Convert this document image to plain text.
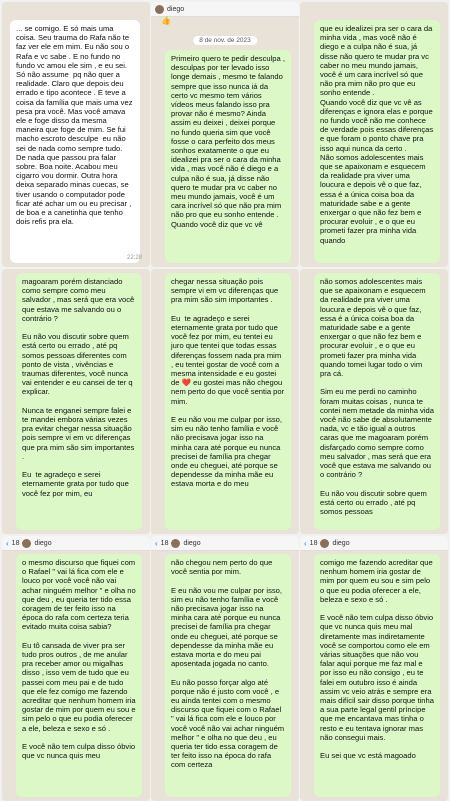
... se comigo. E só mais uma coisa. Seu trauma do Rafa não te faz ver ele em mim. Eu não sou o Rafa e vc sabe . E no fundo no fundo vc amou ele sim , e eu sei. Só não assume  pq não quer a realidade. Claro que depois deu errado e tipo acontece . E teve a coisa da família que mais uma vez pesa pra você. Mas você amava ele e foge disso da mesma maneira que foge de mim. Se fui macho escroto desculpe  eu não sei de nada como sempre tudo. De nada que passou pra falar sobre. Boa noite. Acabou meu cigarro vou dormir. Outra hora deixa separado minas cuecas, se tiver usando o computador pode ficar até achar um ou eu precisar , de boa e a canetinha que tenho dois refis pra ela.
22:28
diego
👍
8 de nov. de 2023
Primeiro quero te pedir desculpa , desculpas por ter levado isso longe demais , mesmo te falando sempre que isso nunca iá da certo vc mesmo tem vários vídeos meus falando isso pra provar não é mesmo? Ainda assim eu deixei , deixei porque no fundo queria sim que você fosse o cara perfeito dos meus sonhos exatamente o que eu idealizei pra ser o cara da minha vida , mas você não é diego e a culpa não é sua, já disse não quero te mudar pra vc caber no meu mundo jamais, você é um cara incrível só que não pra mim não pro que eu sonho entende .
Quando você diz que vc vê
que eu idealizei pra ser o cara da minha vida , mas você não é diego e a culpa não é sua, já disse não quero te mudar pra vc caber no meu mundo jamais, você é um cara incrível só que não pra mim não pro que eu sonho entende .
Quando você diz que vc vê as diferenças e ignora elas e porque no fundo você não me conhece de verdade pois essas diferenças e que foram o ponto chave pra isso aqui nunca da certo .
Não somos adolescentes mais que se apaixonam e esquecem da realidade pra viver uma loucura e depois vê o que faz, essa é a única coisa boa da maturidade sabe e a gente enxergar o que não fez bem e procurar evoluir , e o que eu prometi fazer pra minha vida quando
magoaram porém distanciado como sempre como meu salvador , mas será que era você que estava me salvando ou o contrário ?

Eu não vou discutir sobre quem está certo ou errado , até pq somos pessoas diferentes com ponto de vista , vivências e traumas diferentes, você nunca vai entender e eu cansei de ter q explicar.

Nunca te enganei sempre falei e te mandei embora várias vezes pra evitar chegar nessa situação pois sempre vi em vc diferenças que pra mim são sim importantes .

Eu  te agradeço e serei eternamente grata por tudo que você fez por mim, eu
chegar nessa situação pois sempre vi em vc diferenças que pra mim são sim importantes .

Eu  te agradeço e serei eternamente grata por tudo que você fez por mim, eu tentei eu juro que tentei que todas essas diferenças fossem nada pra mim , eu tentei gostar de você com a mesma intensidade e eu gostei de ❤️ eu gostei mas não chegou nem perto do que você sentia por mim.

E eu não vou me culpar por isso, sim eu não tenho família e você não precisava jogar isso na minha cara até porque eu nunca precisei de família pra chegar onde eu cheguei, até porque se dependesse da minha mãe eu estava morta e do meu
não somos adolescentes mais que se apaixonam e esquecem da realidade pra viver uma loucura e depois vê o que faz, essa é a única coisa boa da maturidade sabe e a gente enxergar o que não fez bem e procurar evoluir , e o que eu prometi fazer pra minha vida quando tomei lugar todo o vim pra cá.

Sim eu me perdi no caminho foram muitas coisas , nunca te contei nem metade da minha vida você não sabe de absolutamente nada, vc e tão igual a outros caras que me magoaram porém disfarçado como sempre como meu salvador , mas será que era você que estava me salvando ou o contrário ?

Eu não vou discutir sobre quem está certo ou errado , até pq somos pessoas
‹ 18 diego
o mesmo discurso que fiquei com o Rafael " vai lá fica com ele e louco por você você não vai achar ninguém melhor " e olha no que deu , eu queria ter tido essa coragem de ter feito isso na época do rafa com certeza teria evitado muita coisa sabia?

Eu tô cansada de viver pra ser tudo pros outros , de me anular pra receber amor ou migalhas disso , isso vem de tudo que eu passei com meu pai e de tudo que ele fez comigo me fazendo acreditar que nenhum homem iria gostar de mim por quem eu sou e sim pelo o que eu podia oferecer a ele, beleza e sexo e só .

E você não tem culpa disso óbvio que vc nunca quis meu
‹ 18 diego
não chegou nem perto do que você sentia por mim.

E eu não vou me culpar por isso, sim eu não tenho família e você não precisava jogar isso na minha cara até porque eu nunca precisei de família pra chegar onde eu cheguei, até porque se dependesse da minha mãe eu estava morta e do meu pai aposentada jogada no canto.

Eu não posso forçar algo até porque não é justo com você , e eu ainda tentei com o mesmo discurso que fiquei com o Rafael " vai lá fica com ele e louco por você você não vai achar ninguém melhor " e olha no que deu , eu queria ter tido essa coragem de ter feito isso na época do rafa com certeza
‹ 18 diego
comigo me fazendo acreditar que nenhum homem iria gostar de mim por quem eu sou e sim pelo o que eu podia oferecer a ele, beleza e sexo e só .

E você não tem culpa disso óbvio que vc nunca quis meu mal diretamente mas indiretamente você se comportou como ele em várias situações que não vou falar aqui porque me faz mal e por isso eu não consigo , eu te falei em outubro isso é ainda assim vc veio atrás e sempre era mais difícil sair disso porque tinha a sua parte legal gentil príncipe que me encantava mas tinha o resto e eu tentava ignorar mas não consegui mais.

Eu sei que vc está magoado
